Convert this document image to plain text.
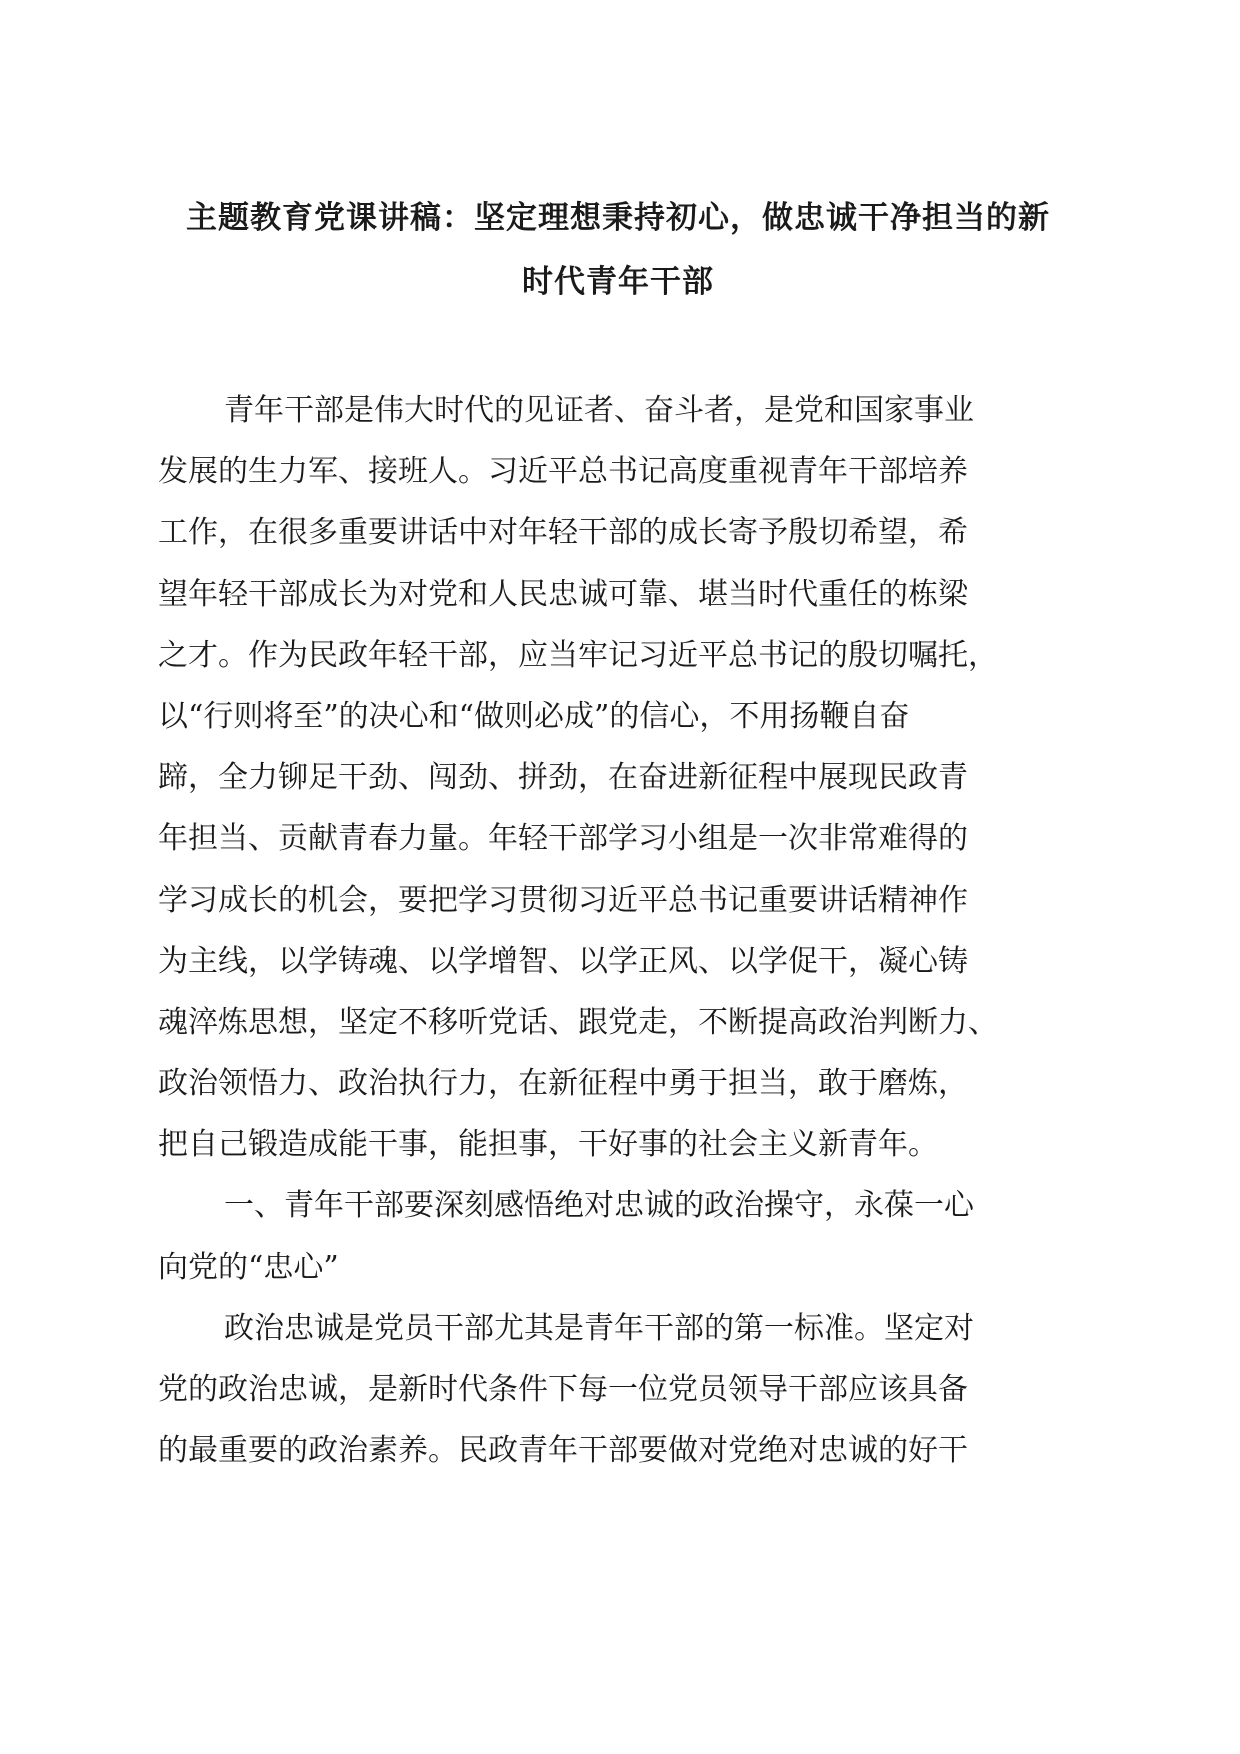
主题教育党课讲稿：坚定理想秉持初心，做忠诚干净担当的新
时代青年干部

青年干部是伟大时代的见证者、奋斗者，是党和国家事业

发展的生力军、接班人。习近平总书记高度重视青年干部培养

工作，在很多重要讲话中对年轻干部的成长寄予殷切希望，希

望年轻干部成长为对党和人民忠诚可靠、堪当时代重任的栋梁

之才。作为民政年轻干部，应当牢记习近平总书记的殷切嘱托，

以“行则将至”的决心和“做则必成”的信心，不用扬鞭自奋

蹄，全力铆足干劲、闯劲、拼劲，在奋进新征程中展现民政青

年担当、贡献青春力量。年轻干部学习小组是一次非常难得的

学习成长的机会，要把学习贯彻习近平总书记重要讲话精神作

为主线，以学铸魂、以学增智、以学正风、以学促干，凝心铸

魂淬炼思想，坚定不移听党话、跟党走，不断提高政治判断力、

政治领悟力、政治执行力，在新征程中勇于担当，敢于磨炼，

把自己锻造成能干事，能担事，干好事的社会主义新青年。

一、青年干部要深刻感悟绝对忠诚的政治操守，永葆一心

向党的“忠心”

政治忠诚是党员干部尤其是青年干部的第一标准。坚定对

党的政治忠诚，是新时代条件下每一位党员领导干部应该具备

的最重要的政治素养。民政青年干部要做对党绝对忠诚的好干
